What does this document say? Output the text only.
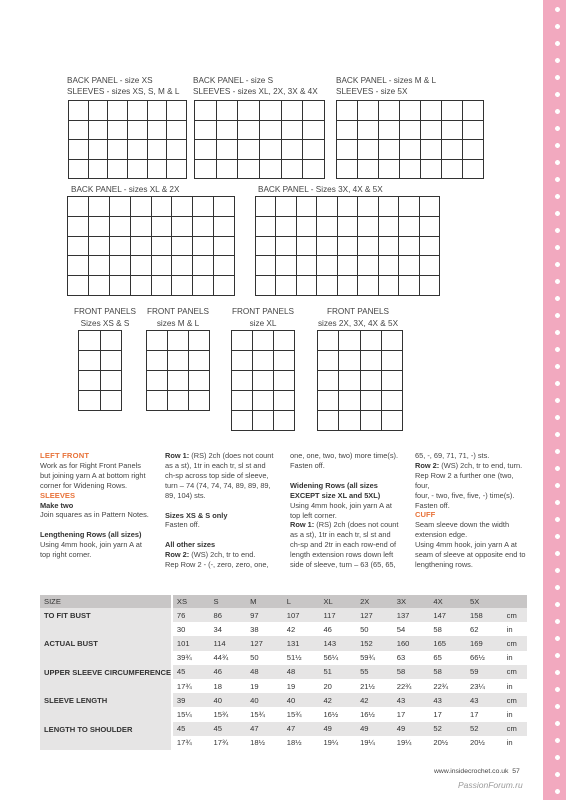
BACK PANEL - size XS
SLEEVES - sizes XS, S, M & L
BACK PANEL - size S
SLEEVES - sizes XL, 2X, 3X & 4X
BACK PANEL - sizes M & L
SLEEVES - size 5X
BACK PANEL - sizes XL & 2X	BACK PANEL - Sizes 3X, 4X & 5X
FRONT PANELS
Sizes XS & S
FRONT PANELS
sizes M & L
FRONT PANELS
size XL
FRONT PANELS
sizes 2X, 3X, 4X & 5X

LEFT FRONT

Work as for Right Front Panels

but joining yarn A at bottom right

corner for Widening Rows.

SLEEVES

Make two

Join squares as in Pattern Notes.

Lengthening Rows (all sizes)

Using 4mm hook, join yarn A at

top right corner.

Row 1: (RS) 2ch (does not count

as a st), 1tr in each tr, sl st and

ch-sp across top side of sleeve,

turn – 74 (74, 74, 74, 89, 89, 89,

89, 104) sts.

Sizes XS & S only

Fasten off.

All other sizes

Row 2: (WS) 2ch, tr to end.

Rep Row 2 - (-, zero, zero, one,

one, one, two, two) more time(s).

Fasten off.

Widening Rows (all sizes

EXCEPT size XL and 5XL)

Using 4mm hook, join yarn A at

top left corner.

Row 1: (RS) 2ch (does not count

as a st), 1tr in each tr, sl st and

ch-sp and 2tr in each row-end of

length extension rows down left

side of sleeve, turn – 63 (65, 65,

65, -, 69, 71, 71, -) sts.

Row 2: (WS) 2ch, tr to end, turn.

Rep Row 2 a further one (two, four,

four, - two, five, five, -) time(s).

Fasten off.

CUFF

Seam sleeve down the width

extension edge.

Using 4mm hook, join yarn A at

seam of sleeve at opposite end to

lengthening rows.

SIZE		XS	S	M	L	XL	2X	3X	4X	5X	
TO FIT BUST		76	86	97	107	117	127	137	147	158	cm
		30	34	38	42	46	50	54	58	62	in
ACTUAL BUST		101	114	127	131	143	152	160	165	169	cm
		39¾	44¾	50	51½	56¼	59¾	63	65	66½	in
UPPER SLEEVE CIRCUMFERENCE		45	46	48	48	51	55	58	58	59	cm
		17¾	18	19	19	20	21½	22¾	22¾	23¼	in
SLEEVE LENGTH		39	40	40	40	42	42	43	43	43	cm
		15¼	15¾	15¾	15¾	16½	16½	17	17	17	in
LENGTH TO SHOULDER		45	45	47	47	49	49	49	52	52	cm
		17¾	17¾	18½	18½	19¼	19¼	19¼	20½	20½	in
www.insidecrochet.co.uk 57
PassionForum.ru
